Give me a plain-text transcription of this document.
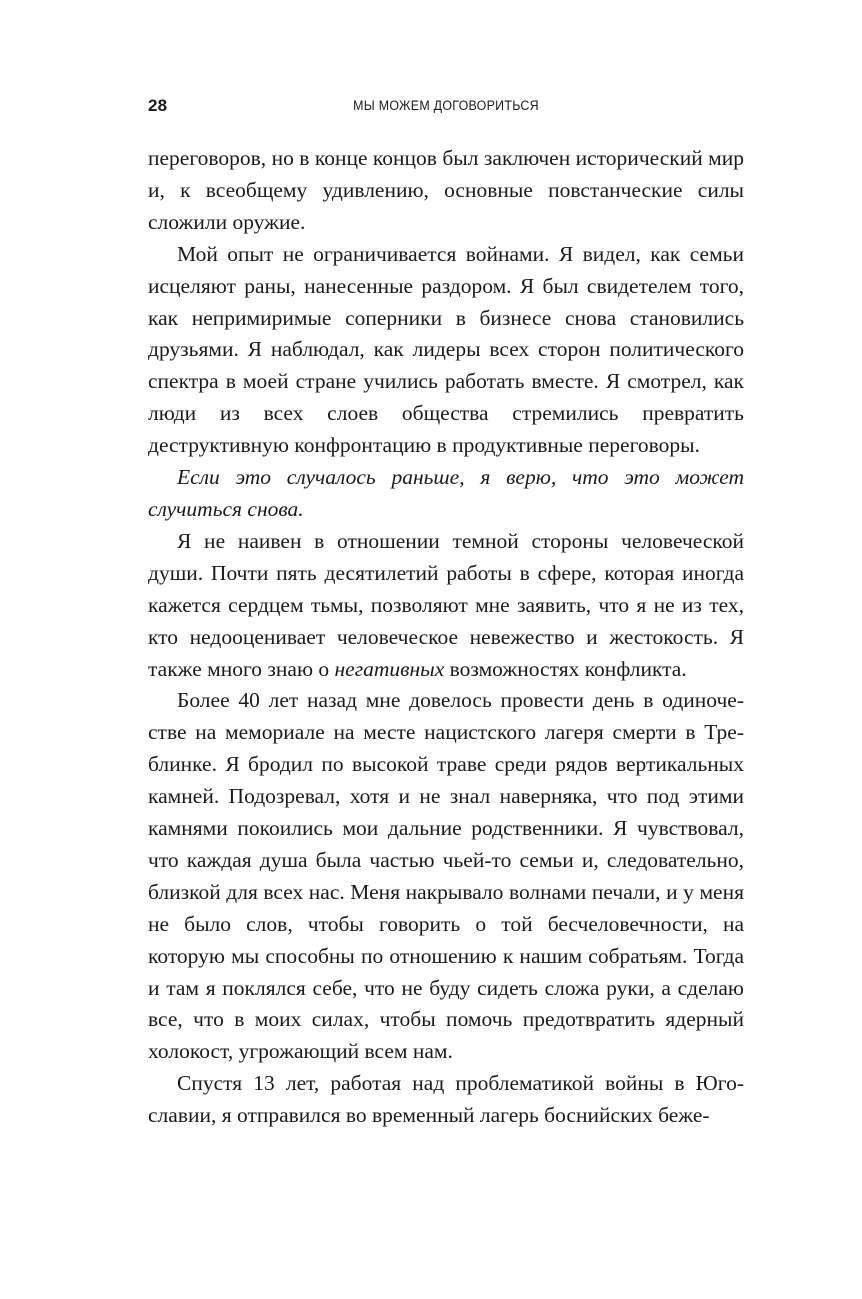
28	МЫ МОЖЕМ ДОГОВОРИТЬСЯ

переговоров, но в конце концов был заключен исторический мир и, к всеобщему удивлению, основные повстанческие силы сложили оружие.

Мой опыт не ограничивается войнами. Я видел, как семьи исцеляют раны, нанесенные раздором. Я был свидетелем того, как непримиримые соперники в бизнесе снова становились друзьями. Я наблюдал, как лидеры всех сторон политического спектра в моей стране учились работать вместе. Я смотрел, как люди из всех слоев общества стремились превратить деструктивную конфронтацию в продуктивные переговоры.

Если это случалось раньше, я верю, что это может случиться снова.

Я не наивен в отношении темной стороны человеческой души. Почти пять десятилетий работы в сфере, которая иногда кажется сердцем тьмы, позволяют мне заявить, что я не из тех, кто недооценивает человеческое невежество и жестокость. Я также много знаю о негативных возможностях конфликта.

Более 40 лет назад мне довелось провести день в одиночестве на мемориале на месте нацистского лагеря смерти в Треблинке. Я бродил по высокой траве среди рядов вертикальных камней. Подозревал, хотя и не знал наверняка, что под этими камнями покоились мои дальние родственники. Я чувствовал, что каждая душа была частью чьей-то семьи и, следовательно, близкой для всех нас. Меня накрывало волнами печали, и у меня не было слов, чтобы говорить о той бесчеловечности, на которую мы способны по отношению к нашим собратьям. Тогда и там я поклялся себе, что не буду сидеть сложа руки, а сделаю все, что в моих силах, чтобы помочь предотвратить ядерный холокост, угрожающий всем нам.

Спустя 13 лет, работая над проблематикой войны в Югославии, я отправился во временный лагерь боснийских беже-
